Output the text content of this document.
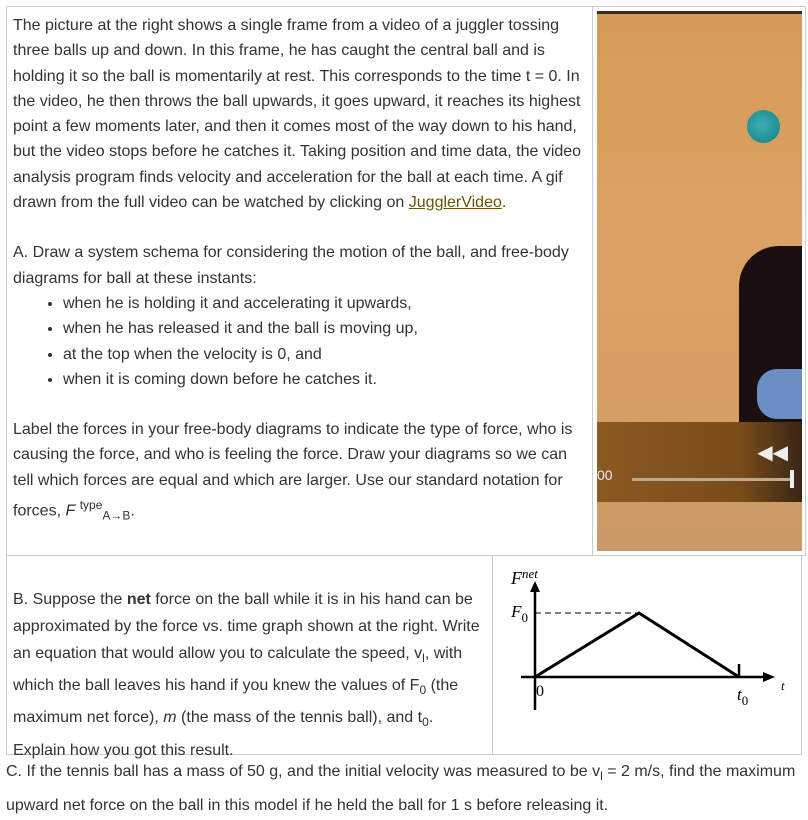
The picture at the right shows a single frame from a video of a juggler tossing three balls up and down. In this frame, he has caught the central ball and is holding it so the ball is momentarily at rest. This corresponds to the time t = 0. In the video, he then throws the ball upwards, it goes upward, it reaches its highest point a few moments later, and then it comes most of the way down to his hand, but the video stops before he catches it. Taking position and time data, the video analysis program finds velocity and acceleration for the ball at each time. A gif drawn from the full video can be watched by clicking on JugglerVideo.

A. Draw a system schema for considering the motion of the ball, and free-body diagrams for ball at these instants:

• when he is holding it and accelerating it upwards,
• when he has released it and the ball is moving up,
• at the top when the velocity is 0, and
• when it is coming down before he catches it.

Label the forces in your free-body diagrams to indicate the type of force, who is causing the force, and who is feeling the force. Draw your diagrams so we can tell which forces are equal and which are larger. Use our standard notation for forces, F $^{type}_{A\to B}$.

◀◀
00

B. Suppose the net force on the ball while it is in his hand can be approximated by the force vs. time graph shown at the right. Write an equation that would allow you to calculate the speed, $v_l$, with which the ball leaves his hand if you knew the values of $F_0$ (the maximum net force), m (the mass of the tennis ball), and $t_0$. Explain how you got this result.

$F^{net}$
$F_0$
0	t
$t_0$
C. If the tennis ball has a mass of 50 g, and the initial velocity was measured to be $v_l = 2$ m/s, find the maximum upward net force on the ball in this model if he held the ball for 1 s before releasing it.
